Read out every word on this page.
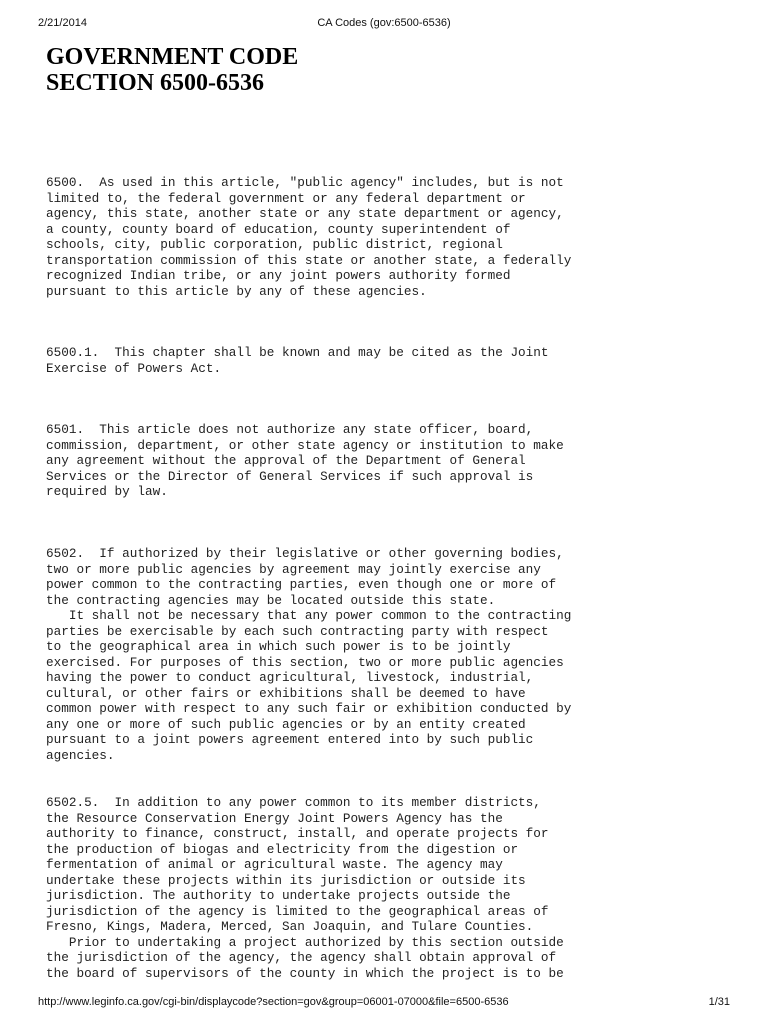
2/21/2014	CA Codes (gov:6500-6536)
GOVERNMENT CODE
SECTION 6500-6536
6500.  As used in this article, "public agency" includes, but is not
limited to, the federal government or any federal department or
agency, this state, another state or any state department or agency,
a county, county board of education, county superintendent of
schools, city, public corporation, public district, regional
transportation commission of this state or another state, a federally
recognized Indian tribe, or any joint powers authority formed
pursuant to this article by any of these agencies.
6500.1.  This chapter shall be known and may be cited as the Joint
Exercise of Powers Act.
6501.  This article does not authorize any state officer, board,
commission, department, or other state agency or institution to make
any agreement without the approval of the Department of General
Services or the Director of General Services if such approval is
required by law.
6502.  If authorized by their legislative or other governing bodies,
two or more public agencies by agreement may jointly exercise any
power common to the contracting parties, even though one or more of
the contracting agencies may be located outside this state.
It shall not be necessary that any power common to the contracting
parties be exercisable by each such contracting party with respect
to the geographical area in which such power is to be jointly
exercised. For purposes of this section, two or more public agencies
having the power to conduct agricultural, livestock, industrial,
cultural, or other fairs or exhibitions shall be deemed to have
common power with respect to any such fair or exhibition conducted by
any one or more of such public agencies or by an entity created
pursuant to a joint powers agreement entered into by such public
agencies.
6502.5.  In addition to any power common to its member districts,
the Resource Conservation Energy Joint Powers Agency has the
authority to finance, construct, install, and operate projects for
the production of biogas and electricity from the digestion or
fermentation of animal or agricultural waste. The agency may
undertake these projects within its jurisdiction or outside its
jurisdiction. The authority to undertake projects outside the
jurisdiction of the agency is limited to the geographical areas of
Fresno, Kings, Madera, Merced, San Joaquin, and Tulare Counties.
Prior to undertaking a project authorized by this section outside
the jurisdiction of the agency, the agency shall obtain approval of
the board of supervisors of the county in which the project is to be
http://www.leginfo.ca.gov/cgi-bin/displaycode?section=gov&group=06001-07000&file=6500-6536	1/31
